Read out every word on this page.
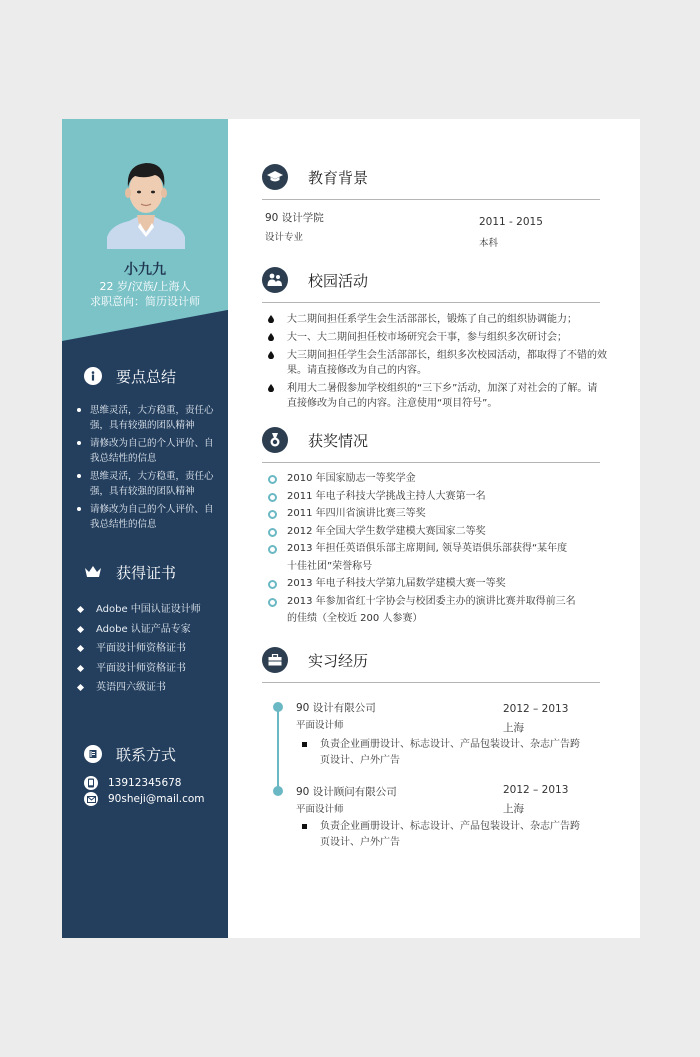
小九九
22 岁/汉族/上海人
求职意向：简历设计师
要点总结
思维灵活，大方稳重，责任心强，具有较强的团队精神
请修改为自己的个人评价、自我总结性的信息
思维灵活，大方稳重，责任心强，具有较强的团队精神
请修改为自己的个人评价、自我总结性的信息
获得证书
Adobe 中国认证设计师
Adobe 认证产品专家
平面设计师资格证书
平面设计师资格证书
英语四六级证书
联系方式
13912345678
90sheji@mail.com
教育背景
90 设计学院
设计专业
2011 - 2015
本科
校园活动
大二期间担任系学生会生活部部长，锻炼了自己的组织协调能力；
大一、大二期间担任校市场研究会干事，参与组织多次研讨会；
大三期间担任学生会生活部部长，组织多次校园活动，都取得了不错的效果。请直接修改为自己的内容。
利用大二暑假参加学校组织的“三下乡”活动，加深了对社会的了解。请直接修改为自己的内容。注意使用“项目符号”。
获奖情况
2010 年国家励志一等奖学金
2011 年电子科技大学挑战主持人大赛第一名
2011 年四川省演讲比赛三等奖
2012 年全国大学生数学建模大赛国家二等奖
2013 年担任英语俱乐部主席期间, 领导英语俱乐部获得“某年度十佳社团”荣誉称号
2013 年电子科技大学第九届数学建模大赛一等奖
2013 年参加省红十字协会与校团委主办的演讲比赛并取得前三名的佳绩（全校近 200 人参赛）
实习经历
90 设计有限公司
平面设计师
2012 – 2013
上海
负责企业画册设计、标志设计、产品包装设计、杂志广告跨页设计、户外广告
90 设计顾问有限公司
平面设计师
2012 – 2013
上海
负责企业画册设计、标志设计、产品包装设计、杂志广告跨页设计、户外广告
